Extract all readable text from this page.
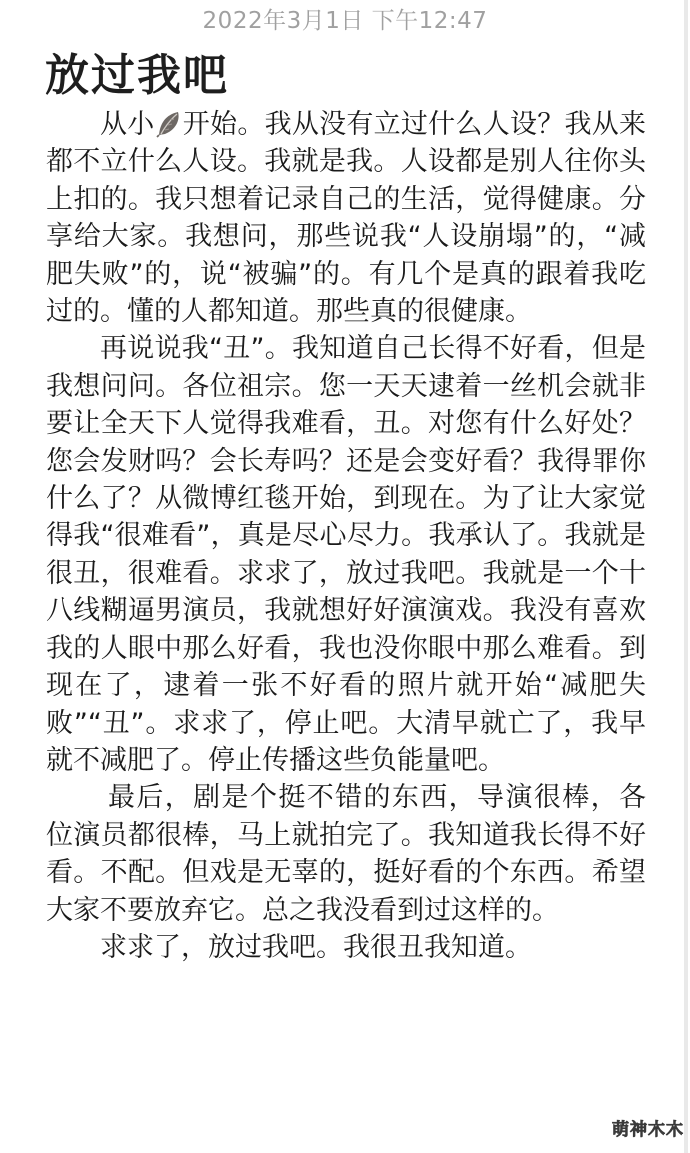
2022年3月1日 下午12:47
放过我吧

从小 开始。我从没有立过什么人设？我从来都不立什么人设。我就是我。人设都是别人往你头上扣的。我只想着记录自己的生活，觉得健康。分享给大家。我想问，那些说我“人设崩塌”的，“减肥失败”的，说“被骗”的。有几个是真的跟着我吃过的。懂的人都知道。那些真的很健康。

再说说我“丑”。我知道自己长得不好看，但是我想问问。各位祖宗。您一天天逮着一丝机会就非要让全天下人觉得我难看，丑。对您有什么好处？您会发财吗？会长寿吗？还是会变好看？我得罪你什么了？从微博红毯开始，到现在。为了让大家觉得我“很难看”，真是尽心尽力。我承认了。我就是很丑，很难看。求求了，放过我吧。我就是一个十八线糊逼男演员，我就想好好演演戏。我没有喜欢我的人眼中那么好看，我也没你眼中那么难看。到现在了，逮着一张不好看的照片就开始“减肥失败”“丑”。求求了，停止吧。大清早就亡了，我早就不减肥了。停止传播这些负能量吧。

最后，剧是个挺不错的东西，导演很棒，各位演员都很棒，马上就拍完了。我知道我长得不好看。不配。但戏是无辜的，挺好看的个东西。希望大家不要放弃它。总之我没看到过这样的。

求求了，放过我吧。我很丑我知道。

萌神木木
